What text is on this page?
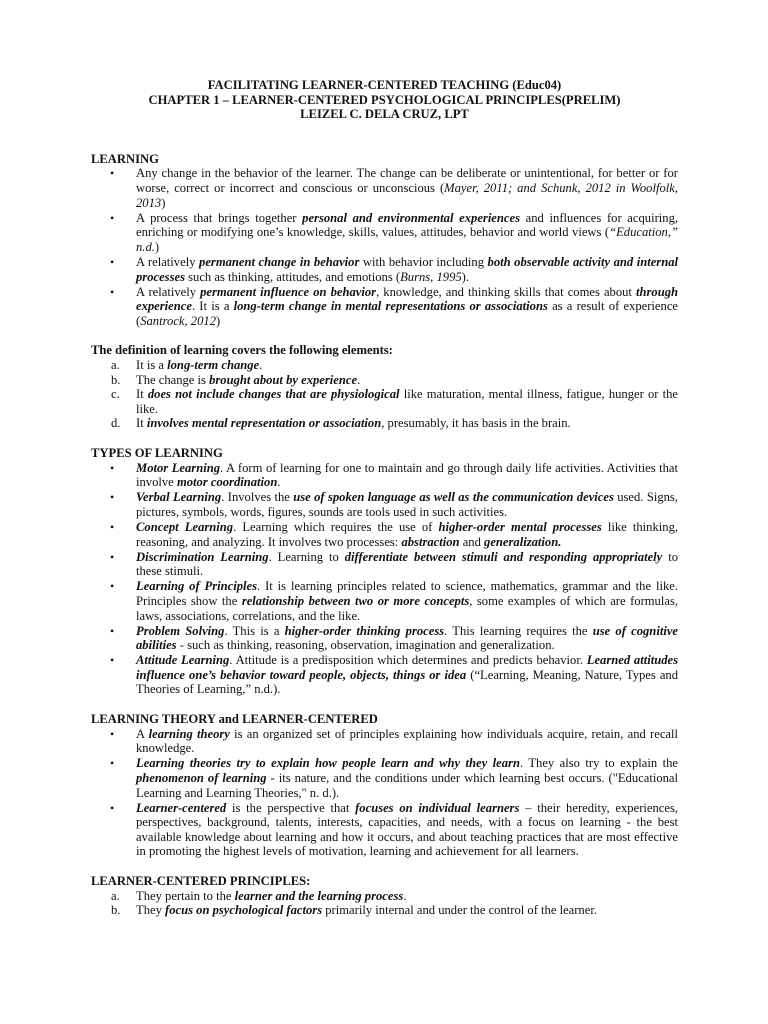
FACILITATING LEARNER-CENTERED TEACHING (Educ04)
CHAPTER 1 – LEARNER-CENTERED PSYCHOLOGICAL PRINCIPLES(PRELIM)
LEIZEL C. DELA CRUZ, LPT
LEARNING
• Any change in the behavior of the learner. The change can be deliberate or unintentional, for better or for worse, correct or incorrect and conscious or unconscious (Mayer, 2011; and Schunk, 2012 in Woolfolk, 2013)
• A process that brings together personal and environmental experiences and influences for acquiring, enriching or modifying one’s knowledge, skills, values, attitudes, behavior and world views (“Education,” n.d.)
• A relatively permanent change in behavior with behavior including both observable activity and internal processes such as thinking, attitudes, and emotions (Burns, 1995).
• A relatively permanent influence on behavior, knowledge, and thinking skills that comes about through experience. It is a long-term change in mental representations or associations as a result of experience (Santrock, 2012)
The definition of learning covers the following elements:
a. It is a long-term change.
b. The change is brought about by experience.
c. It does not include changes that are physiological like maturation, mental illness, fatigue, hunger or the like.
d. It involves mental representation or association, presumably, it has basis in the brain.
TYPES OF LEARNING
• Motor Learning. A form of learning for one to maintain and go through daily life activities. Activities that involve motor coordination.
• Verbal Learning. Involves the use of spoken language as well as the communication devices used. Signs, pictures, symbols, words, figures, sounds are tools used in such activities.
• Concept Learning. Learning which requires the use of higher-order mental processes like thinking, reasoning, and analyzing. It involves two processes: abstraction and generalization.
• Discrimination Learning. Learning to differentiate between stimuli and responding appropriately to these stimuli.
• Learning of Principles. It is learning principles related to science, mathematics, grammar and the like. Principles show the relationship between two or more concepts, some examples of which are formulas, laws, associations, correlations, and the like.
• Problem Solving. This is a higher-order thinking process. This learning requires the use of cognitive abilities - such as thinking, reasoning, observation, imagination and generalization.
• Attitude Learning. Attitude is a predisposition which determines and predicts behavior. Learned attitudes influence one’s behavior toward people, objects, things or idea (“Learning, Meaning, Nature, Types and Theories of Learning,” n.d.).
LEARNING THEORY and LEARNER-CENTERED
• A learning theory is an organized set of principles explaining how individuals acquire, retain, and recall knowledge.
• Learning theories try to explain how people learn and why they learn. They also try to explain the phenomenon of learning - its nature, and the conditions under which learning best occurs. ("Educational Learning and Learning Theories," n. d.).
• Learner-centered is the perspective that focuses on individual learners – their heredity, experiences, perspectives, background, talents, interests, capacities, and needs, with a focus on learning - the best available knowledge about learning and how it occurs, and about teaching practices that are most effective in promoting the highest levels of motivation, learning and achievement for all learners.
LEARNER-CENTERED PRINCIPLES:
a. They pertain to the learner and the learning process.
b. They focus on psychological factors primarily internal and under the control of the learner.
